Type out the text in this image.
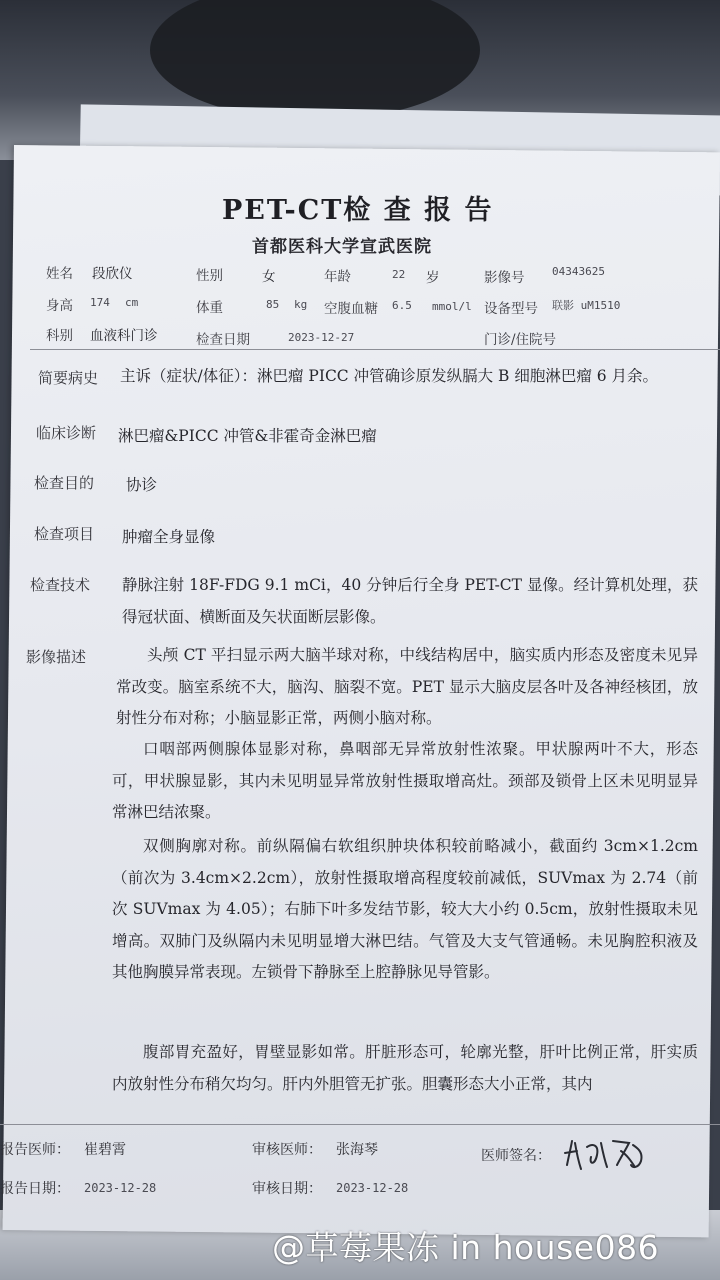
PET-CT检 查 报 告
首都医科大学宣武医院
姓名 段欣仪	性别	女	年龄	22 岁	影像号	04343625
身高 174 cm	体重	85 kg 空腹血糖 6.5 mmol/l 设备型号 联影 uM1510
科别 血液科门诊	检查日期	2023-12-27	门诊/住院号
简要病史 主诉（症状/体征）：淋巴瘤 PICC 冲管确诊原发纵膈大 B 细胞淋巴瘤 6 月余。
临床诊断 淋巴瘤&PICC 冲管&非霍奇金淋巴瘤
检查目的 协诊
检查项目 肿瘤全身显像
检查技术 静脉注射 18F-FDG 9.1 mCi，40 分钟后行全身 PET-CT 显像。经计算机处理，获得冠状面、横断面及矢状面断层影像。
影像描述	头颅 CT 平扫显示两大脑半球对称，中线结构居中，脑实质内形态及密度未见异常改变。脑室系统不大，脑沟、脑裂不宽。PET 显示大脑皮层各叶及各神经核团，放射性分布对称；小脑显影正常，两侧小脑对称。
口咽部两侧腺体显影对称，鼻咽部无异常放射性浓聚。甲状腺两叶不大，形态可，甲状腺显影，其内未见明显异常放射性摄取增高灶。颈部及锁骨上区未见明显异常淋巴结浓聚。
双侧胸廓对称。前纵隔偏右软组织肿块体积较前略减小，截面约 3cm×1.2cm（前次为 3.4cm×2.2cm），放射性摄取增高程度较前减低，SUVmax 为 2.74（前次 SUVmax 为 4.05）；右肺下叶多发结节影，较大大小约 0.5cm，放射性摄取未见增高。双肺门及纵隔内未见明显增大淋巴结。气管及大支气管通畅。未见胸腔积液及其他胸膜异常表现。左锁骨下静脉至上腔静脉见导管影。
腹部胃充盈好，胃壁显影如常。肝脏形态可，轮廓光整，肝叶比例正常，肝实质内放射性分布稍欠均匀。肝内外胆管无扩张。胆囊形态大小正常，其内
报告医师： 崔碧霄	审核医师： 张海琴	医师签名：
报告日期： 2023-12-28	审核日期： 2023-12-28
@草莓果冻 in house086
